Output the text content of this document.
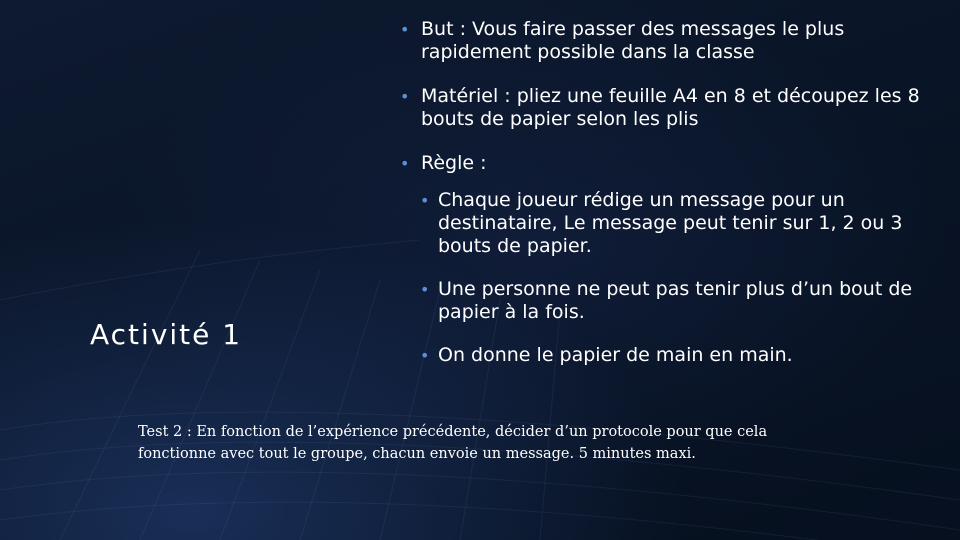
Activité 1
• But : Vous faire passer des messages le plus rapidement possible dans la classe
• Matériel : pliez une feuille A4 en 8 et découpez les 8 bouts de papier selon les plis
• Règle :
• Chaque joueur rédige un message pour un destinataire, Le message peut tenir sur 1, 2 ou 3 bouts de papier.
• Une personne ne peut pas tenir plus d’un bout de papier à la fois.
• On donne le papier de main en main.
Test 2 : En fonction de l’expérience précédente, décider d’un protocole pour que cela fonctionne avec tout le groupe, chacun envoie un message. 5 minutes maxi.
